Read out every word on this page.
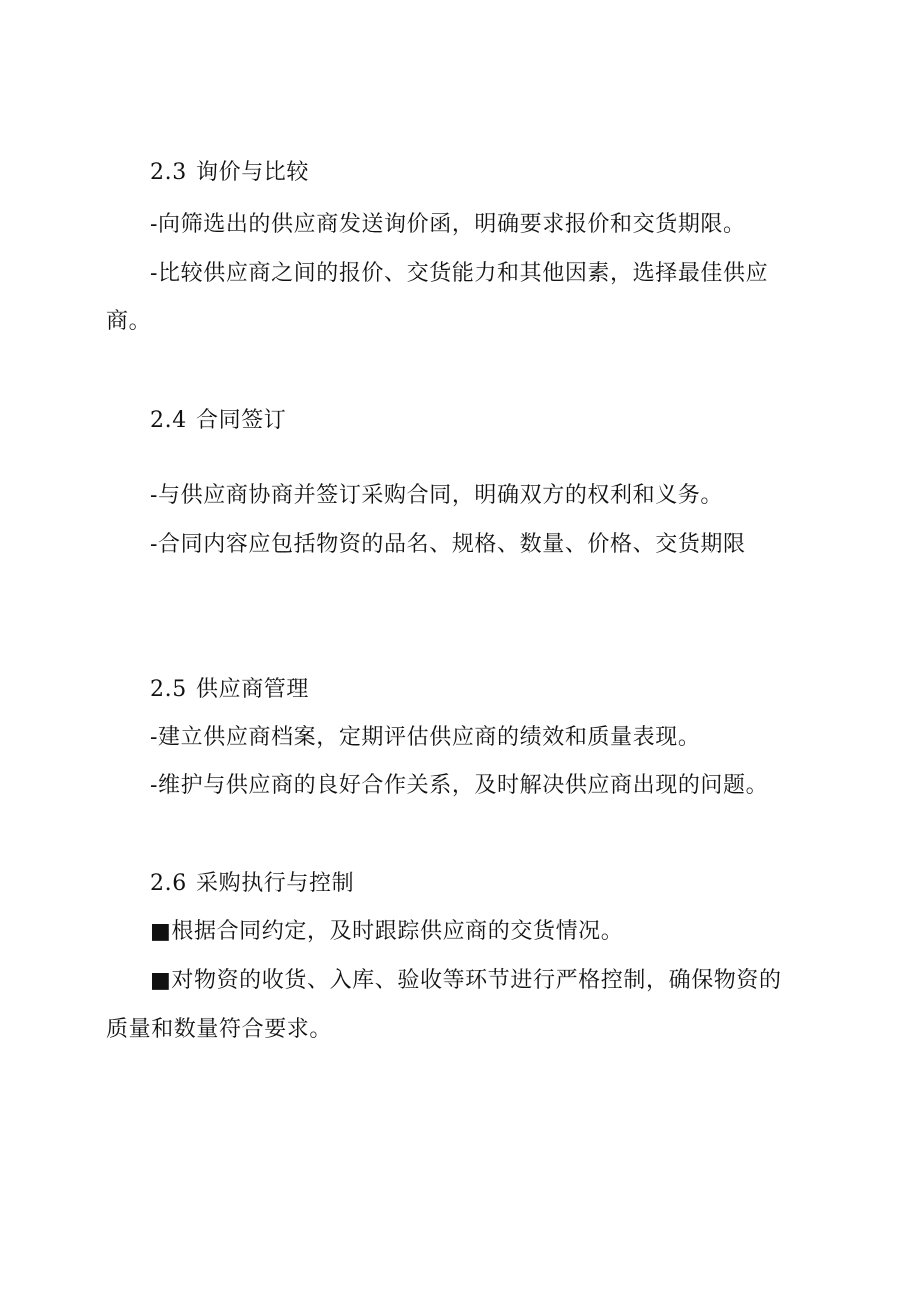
2.3 询价与比较
-向筛选出的供应商发送询价函，明确要求报价和交货期限。
-比较供应商之间的报价、交货能力和其他因素，选择最佳供应
商。
2.4 合同签订
-与供应商协商并签订采购合同，明确双方的权利和义务。
-合同内容应包括物资的品名、规格、数量、价格、交货期限
2.5 供应商管理
-建立供应商档案，定期评估供应商的绩效和质量表现。
-维护与供应商的良好合作关系，及时解决供应商出现的问题。
2.6 采购执行与控制
■根据合同约定，及时跟踪供应商的交货情况。
■对物资的收货、入库、验收等环节进行严格控制，确保物资的
质量和数量符合要求。
